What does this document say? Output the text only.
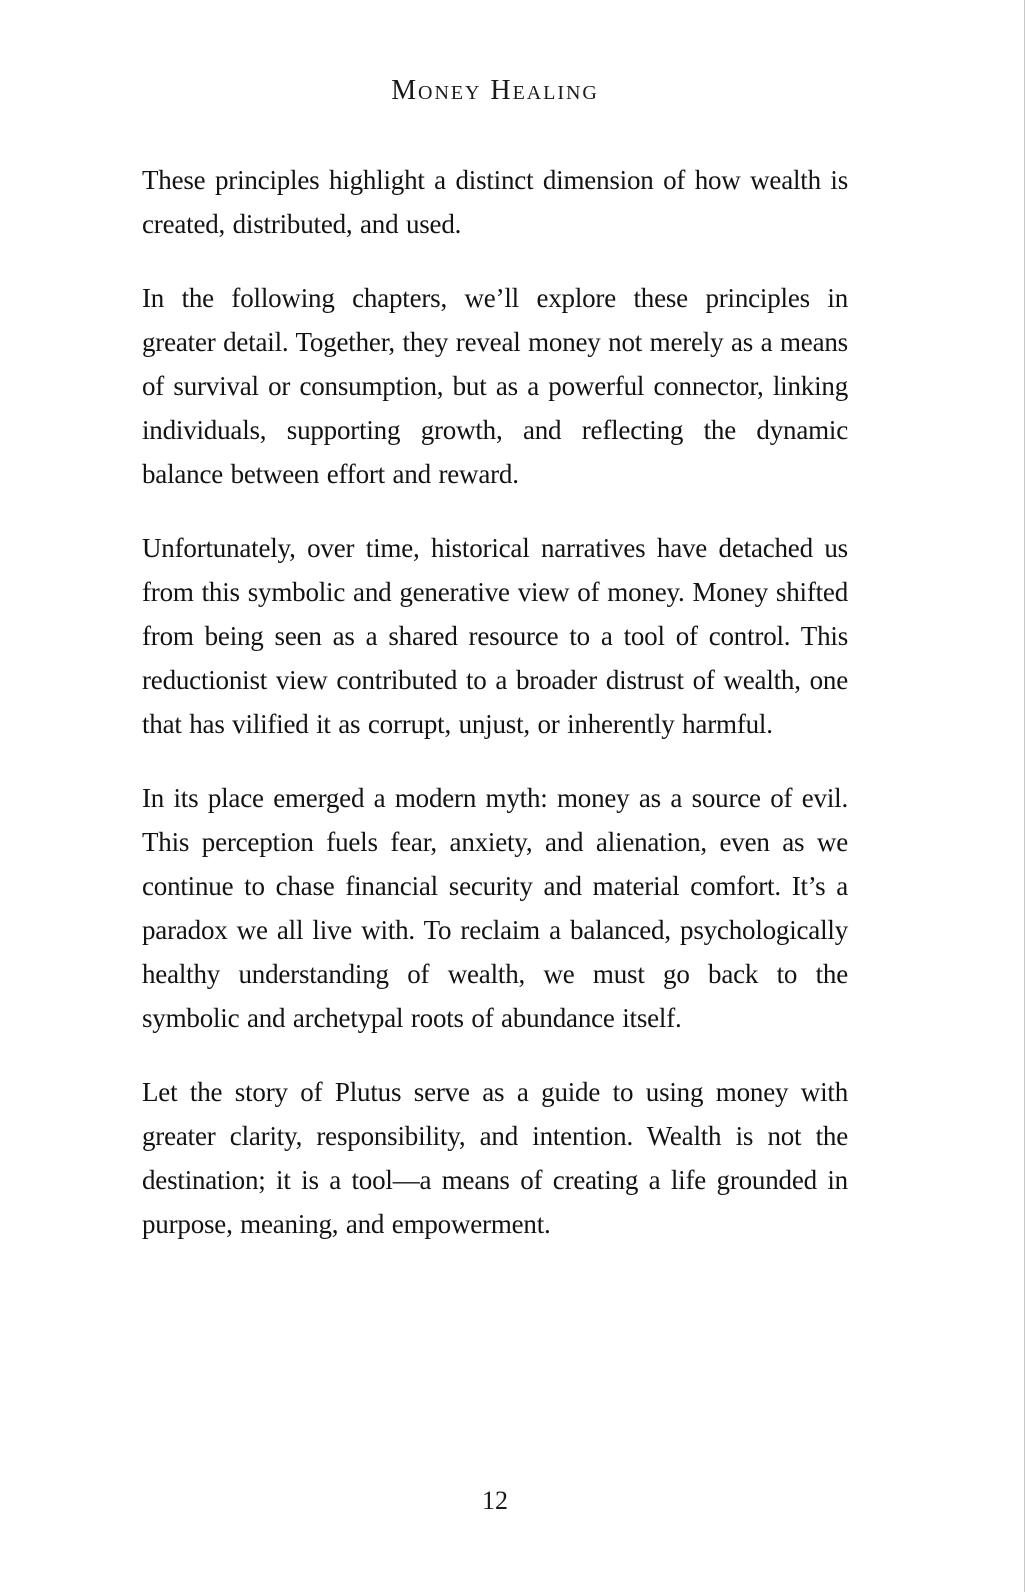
Money Healing

These principles highlight a distinct dimension of how wealth is created, distributed, and used.

In the following chapters, we’ll explore these principles in greater detail. Together, they reveal money not merely as a means of survival or consumption, but as a powerful connector, linking individuals, supporting growth, and reflecting the dynamic balance between effort and reward.

Unfortunately, over time, historical narratives have detached us from this symbolic and generative view of money. Money shifted from being seen as a shared resource to a tool of control. This reductionist view contributed to a broader distrust of wealth, one that has vilified it as corrupt, unjust, or inherently harmful.

In its place emerged a modern myth: money as a source of evil. This perception fuels fear, anxiety, and alienation, even as we continue to chase financial security and material comfort. It’s a paradox we all live with. To reclaim a balanced, psychologically healthy understanding of wealth, we must go back to the symbolic and archetypal roots of abundance itself.

Let the story of Plutus serve as a guide to using money with greater clarity, responsibility, and intention. Wealth is not the destination; it is a tool—a means of creating a life grounded in purpose, meaning, and empowerment.

12
